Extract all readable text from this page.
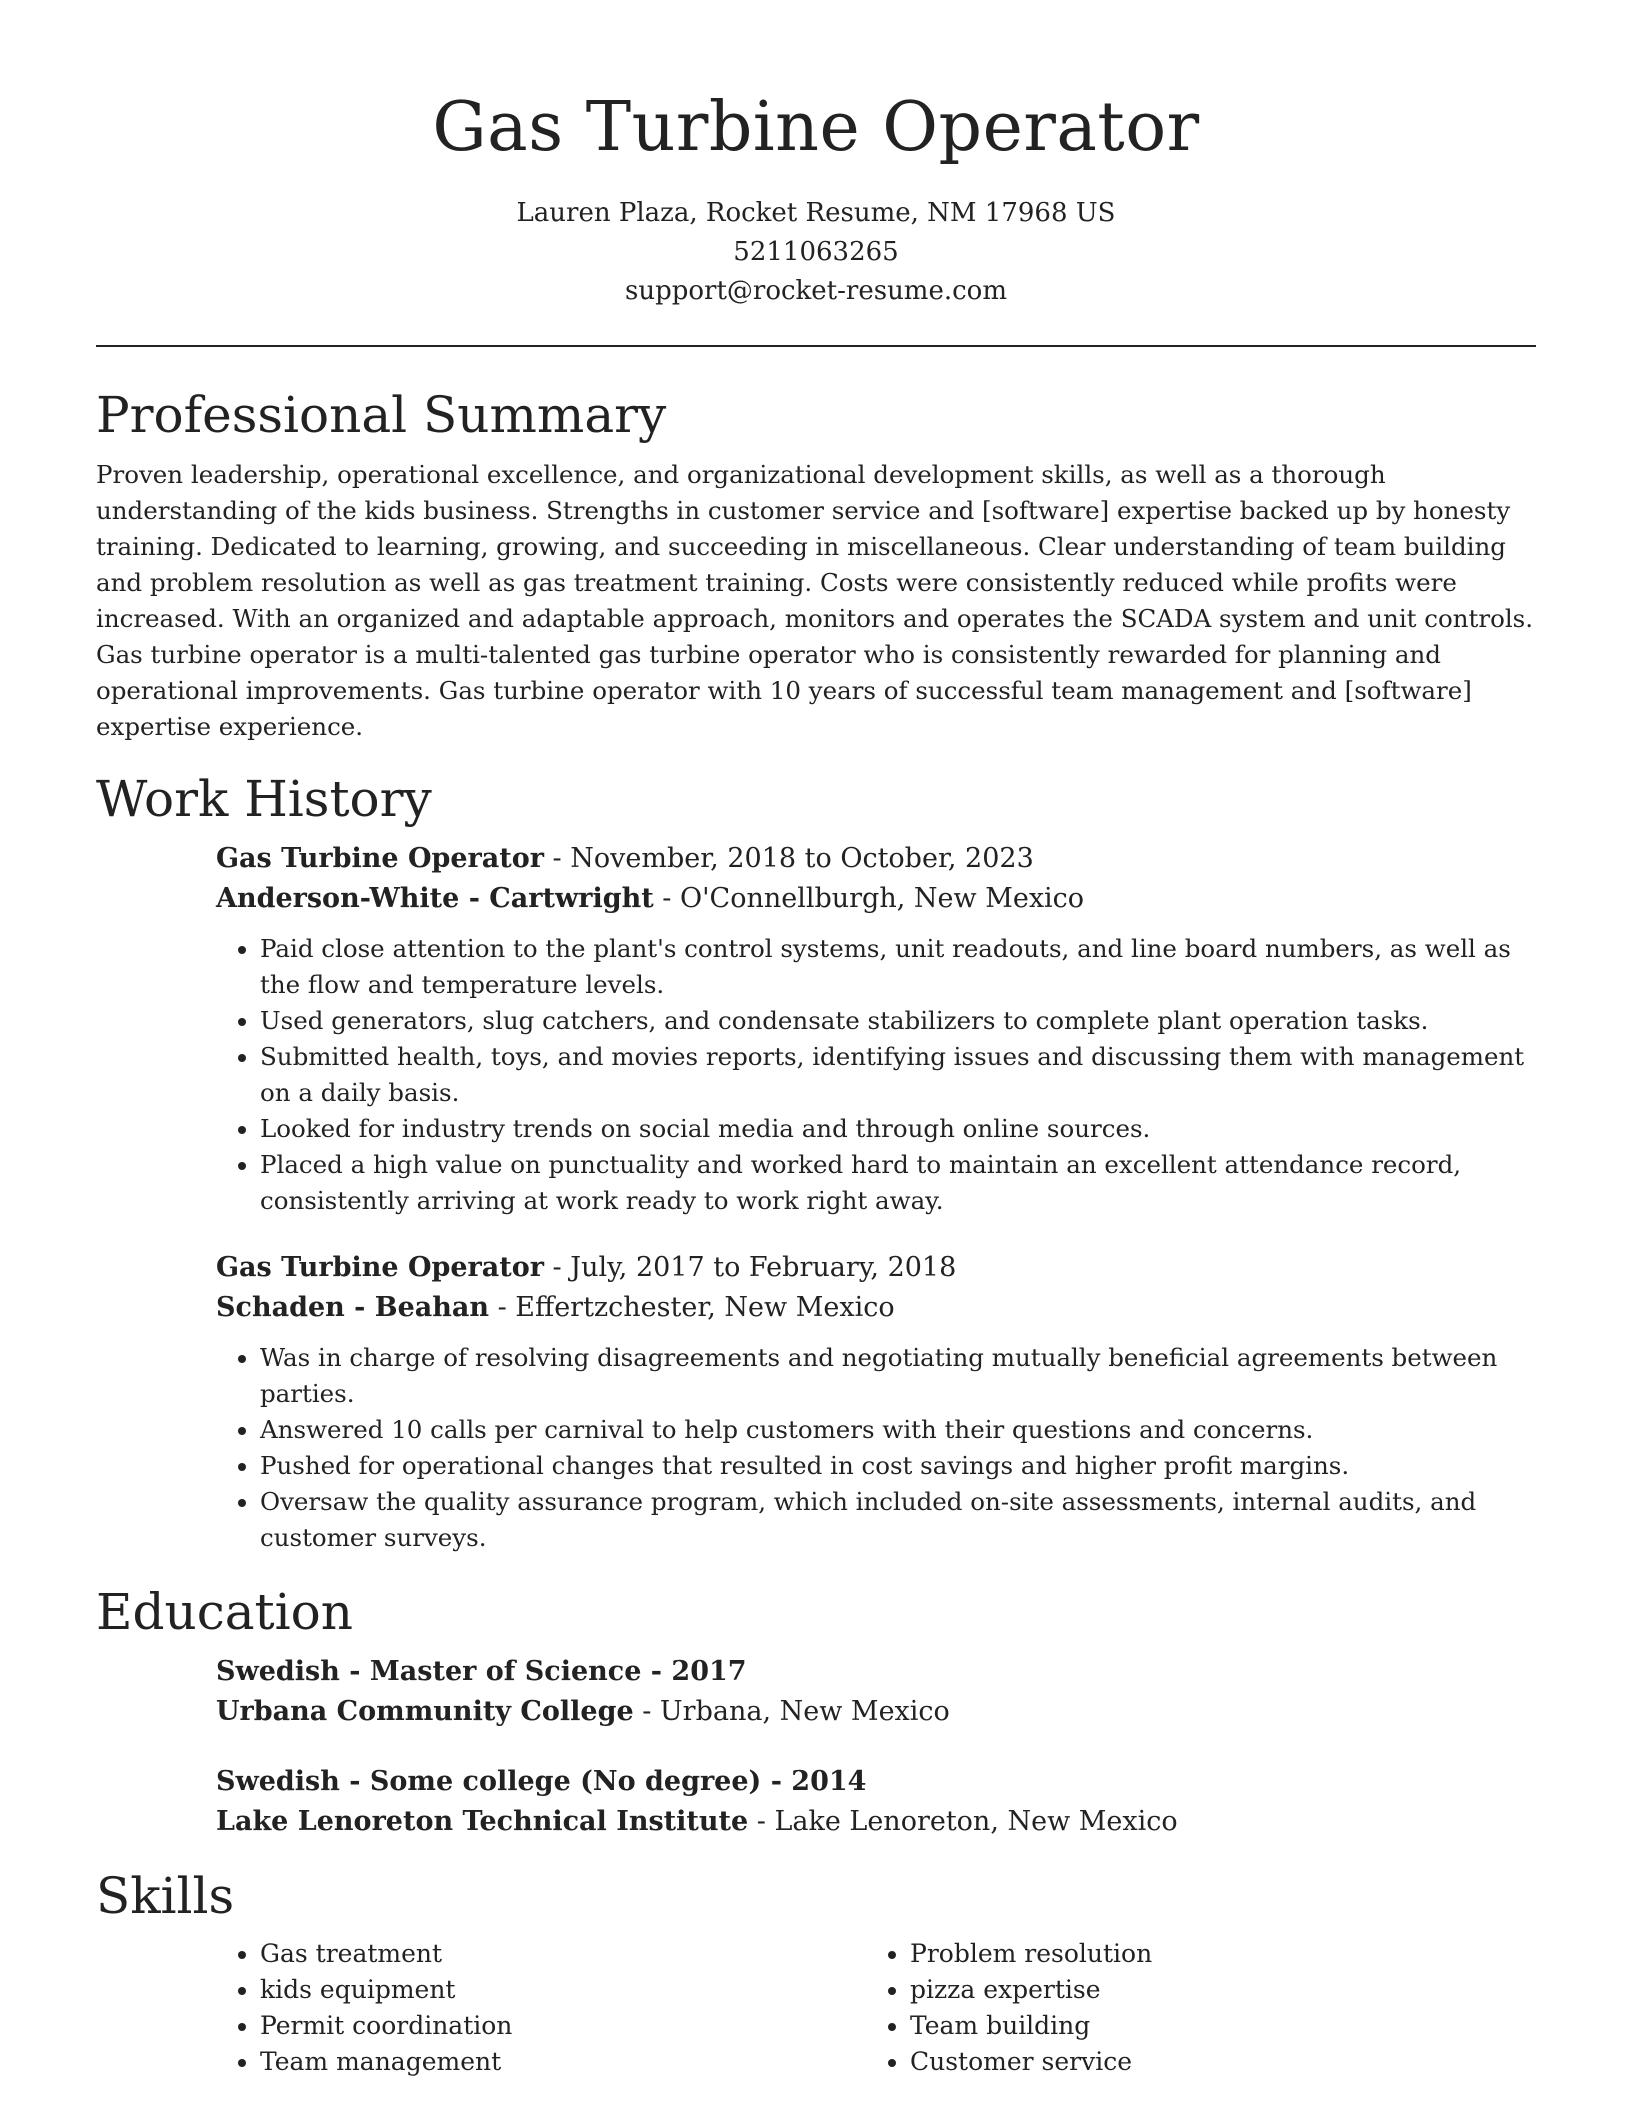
Gas Turbine Operator

Lauren Plaza, Rocket Resume, NM 17968 US

5211063265

support@rocket-resume.com

Professional Summary

Proven leadership, operational excellence, and organizational development skills, as well as a thorough understanding of the kids business. Strengths in customer service and [software] expertise backed up by honesty training. Dedicated to learning, growing, and succeeding in miscellaneous. Clear understanding of team building and problem resolution as well as gas treatment training. Costs were consistently reduced while profits were increased. With an organized and adaptable approach, monitors and operates the SCADA system and unit controls. Gas turbine operator is a multi-talented gas turbine operator who is consistently rewarded for planning and operational improvements. Gas turbine operator with 10 years of successful team management and [software] expertise experience.

Work History

Gas Turbine Operator - November, 2018 to October, 2023

Anderson-White - Cartwright - O'Connellburgh, New Mexico

• Paid close attention to the plant's control systems, unit readouts, and line board numbers, as well as the flow and temperature levels.
• Used generators, slug catchers, and condensate stabilizers to complete plant operation tasks.
• Submitted health, toys, and movies reports, identifying issues and discussing them with management on a daily basis.
• Looked for industry trends on social media and through online sources.
• Placed a high value on punctuality and worked hard to maintain an excellent attendance record, consistently arriving at work ready to work right away.

Gas Turbine Operator - July, 2017 to February, 2018

Schaden - Beahan - Effertzchester, New Mexico

• Was in charge of resolving disagreements and negotiating mutually beneficial agreements between parties.
• Answered 10 calls per carnival to help customers with their questions and concerns.
• Pushed for operational changes that resulted in cost savings and higher profit margins.
• Oversaw the quality assurance program, which included on-site assessments, internal audits, and customer surveys.
Education

Swedish - Master of Science - 2017

Urbana Community College - Urbana, New Mexico

Swedish - Some college (No degree) - 2014

Lake Lenoreton Technical Institute - Lake Lenoreton, New Mexico

Skills
• Gas treatment
• kids equipment
• Permit coordination
• Team management
• Problem resolution
• pizza expertise
• Team building
• Customer service
